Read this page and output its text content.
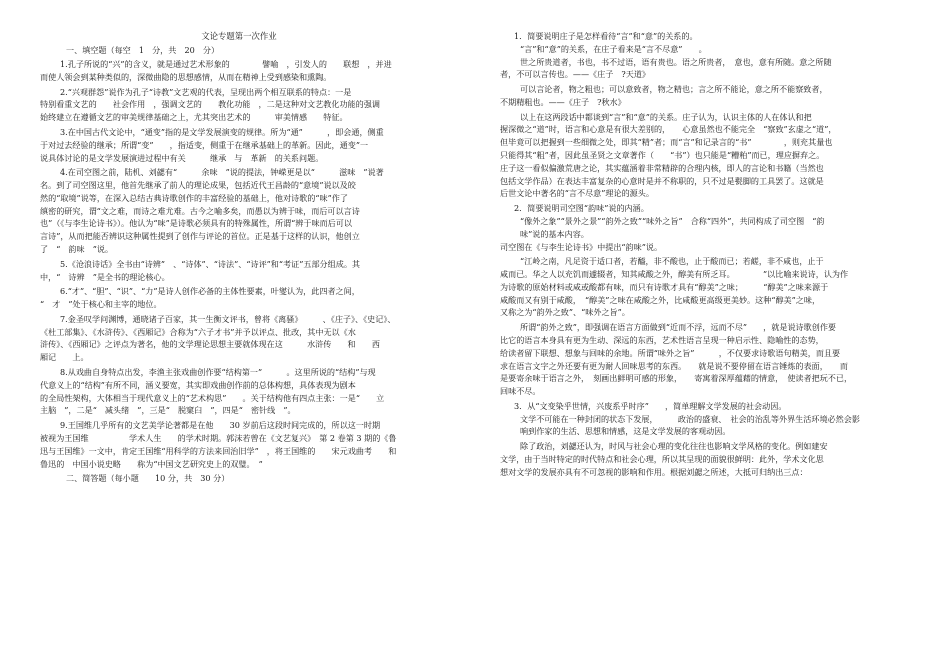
文论专题第一次作业
一、填空题（每空　1　分，共　20　分）
1.孔子所说的“兴”的含义，就是通过艺术形象的　　　　譬喻　，引发人的　　联想　，并进
而使人领会到某种类似的，深微曲隐的思想感情，从而在精神上受到感染和熏陶。
2.“兴观群怨”说作为孔子“诗教”文艺观的代表，呈现出两个相互联系的特点：一是
特别看重文艺的　　社会作用　，强调文艺的　　教化功能　，二是这种对文艺教化功能的强调
始终建立在遵循文艺的审美规律基础之上，尤其突出艺术的　　　审美情感　　特征。
3.在中国古代文论中，“通变”指的是文学发展演变的规律。所为“通”　　　，即会通，侧重
于对过去经验的继承；所谓“变”　　，指适变，侧重于在继承基础上的革新。因此，通变”一
说具体讨论的是文学发展演进过程中有关　　　继承　与　革新　的关系问题。
4.在司空图之前，陆机、刘勰有“　　　余味　”说的提法，钟嵘更是以“　　　滋味　”说著
名。到了司空图这里，他首先继承了前人的理论成果，包括近代王昌龄的“意境”说以及皎
然的“取境”说等，在深入总结古典诗歌创作的丰富经验的基础上，他对诗歌的“味”作了
缜密的研究，谓“文之难，而诗之难尤难。古今之喻多矣，而愚以为辨于味，而后可以言诗
也”（《与李生论诗书》）。他认为“味”是诗歌必须具有的特殊属性，所谓“辨于味而后可以
言诗”，从而把能否辨识这种属性提到了创作与评论的首位。正是基于这样的认识，他创立
了　“　韵味　”说。
5.《沧浪诗话》全书由“诗辨”　、“诗体”、“诗法”、“诗评”和“考证”五部分组成。其
中，“　诗辨　”是全书的理论核心。
6.“才”、“胆”、“识”、“力”是诗人创作必备的主体性要素，叶燮认为，此四者之间，
“　才　”处于核心和主宰的地位。
7.金圣叹学问渊博，通晓诸子百家，其一生衡文评书，曾将《离骚》　　　、《庄子》、《史记》、
《杜工部集》、《水浒传》、《西厢记》合称为“六子才书”并予以评点、批改，其中无以《水
浒传》、《西厢记》之评点为著名，他的文学理论思想主要就体现在这　　　水浒传　　和　　西
厢记　　上。
8.从戏曲自身特点出发，李渔主张戏曲创作要“结构第一”　　　。这里所说的“结构”与现
代意义上的“结构”有所不同，涵义要宽，其实即戏曲创作前的总体构想，具体表现为剧本
的全局性架构，大体相当于现代意义上的“艺术构思”　　。关于结构他有四点主张：一是“　　立
主脑　”，二是“　减头绪　”，三是“　脱窠臼　”，四是“　密针线　”。
9.王国维几乎所有的文艺美学论著都是在他　　30 岁前后这段时间完成的，所以这一时期
被视为王国维　　　　　学术人生　　的学术时期。郭沫若曾在《文艺复兴》　第 2 卷第 3 期的《鲁
迅与王国维》一文中，肯定王国维“用科学的方法来回治旧学”　，将王国维的　　宋元戏曲考　　和
鲁迅的　中国小说史略　　称为“中国文艺研究史上的双璧。　”
二、简答题（每小题　　10 分，共　30 分）
1．简要说明庄子是怎样看待“言”和“意”的关系的。
“言”和“意”的关系，在庄子看来是“言不尽意”　　。
世之所贵道者，书也，书不过语，语有贵也。语之所贵者，　意也，意有所随。意之所随
者，不可以言传也。——《庄子　?天道》
可以言论者，物之粗也；可以意致者，物之精也；言之所不能论，意之所不能察致者，
不期精粗也。——《庄子　?秋水》
以上在这两段话中都谈到“言”和“意”的关系。庄子认为，认识主体的人在体认和把
握深微之“道”时，语言和心意是有很大差别的，　　心意虽然也不能完全　“察致”玄虚之“道”，
但毕竟可以把握到一些细微之处，即其“精”者；而“言”和记录言的“书”　　　　，则充其量也
只能得其“粗”者，因此虽圣贤之文章著作（　　“书”）也只能是“糟粕”而已，理应摒弃之。
庄子这一看似偏激荒唐之论，其实蕴涵着非常精辟的合理内核，即人的言论和书籍（当然也
包括文学作品）在表达丰富复杂的心意时是并不称职的，只不过是甏脚的工具罢了。这就是
后世文论中著名的“言不尽意”理论的源头。
2．简要说明司空图“韵味”说的内涵。
“像外之象”“景外之景”“韵外之致”“味外之旨”　合称“四外”，共同构成了司空图　“韵
味”说的基本内容。
司空图在《与李生论诗书》中提出“韵味”说。
“江岭之南，凡足资于适口者，若醯，非不酸也，止于酸而已；若鹾，非不咸也，止于
咸而已。华之人以充饥而遽辍者，知其咸酸之外，醇美有所乏耳。　　　　”以比喻来说诗，认为作
为诗歌的原始材料或咸或酸都有味，而只有诗歌才具有“醇美”之味；　　　“醇美”之味来源于
咸酸而又有别于咸酸，　“醇美”之味在咸酸之外，比咸酸更高级更美妙。这种“醇美”之味，
又称之为“韵外之致”、“味外之旨”。
所谓“韵外之致”，即强调在语言方面做到“近而不浮，远而不尽”　　，就是说诗歌创作要
比它的语言本身具有更为生动、深远的东西，艺术性语言呈现一种启示性、隐喻性的态势，
给读者留下联想、想象与回味的余地。所谓“味外之旨”　　　，不仅要求诗歌语句精美，而且要
求在语言文字之外还要有更为耐人回味思考的东西。　　就是说不要停留在语言锤炼的表面，　　而
是要寄余味于语言之外，　刻画出鲜明可感的形象，　　寄寓着深厚蕴藉的情意，　使读者把玩不已，
回味不尽。
3．从“文变染乎世情，兴废系乎时序”　　，简单理解文学发展的社会动因。
文学不可能在一种封闭的状态下发展，　　　政治的盛衰、　社会的治乱等外界生活环境必然会影
响到作家的生活、思想和情感，这是文学发展的客观动因。
除了政治，刘勰还认为，时风与社会心理的变化往往也影响文学风格的变化。例如建安
文学，由于当时特定的时代特点和社会心理，所以其呈现的面貌很鲜明：此外，学术文化思
想对文学的发展亦具有不可忽视的影响和作用。根据刘勰之所述，大抵可归纳出三点：
